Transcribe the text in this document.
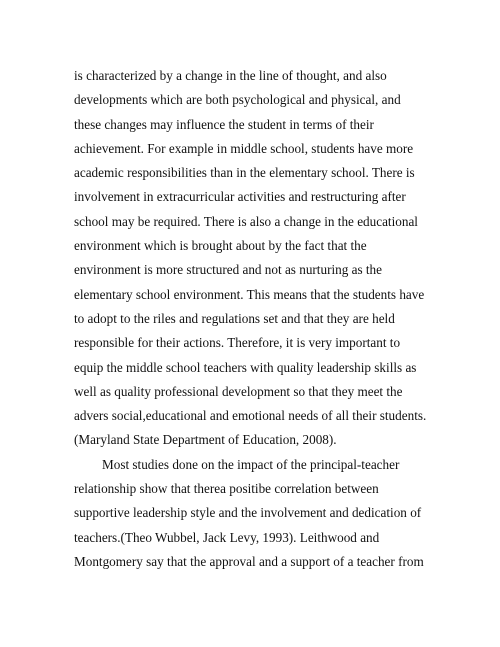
is characterized by a change in the line of thought, and also
developments which are both psychological and physical, and
these changes may influence the student in terms of their
achievement. For example in middle school, students have more
academic responsibilities than in the elementary school. There is
involvement in extracurricular activities and restructuring after
school may be required. There is also a change in the educational
environment which is brought about by the fact that the
environment is more structured and not as nurturing as the
elementary school environment. This means that the students have
to adopt to the riles and regulations set and that they are held
responsible for their actions. Therefore, it is very important to
equip the middle school teachers with quality leadership skills as
well as quality professional development so that they meet the
advers social,educational and emotional needs of all their students.
(Maryland State Department of Education, 2008).
Most studies done on the impact of the principal-teacher
relationship show that therea positibe correlation between
supportive leadership style and the involvement and dedication of
teachers.(Theo Wubbel, Jack Levy, 1993). Leithwood and
Montgomery say that the approval and a support of a teacher from
